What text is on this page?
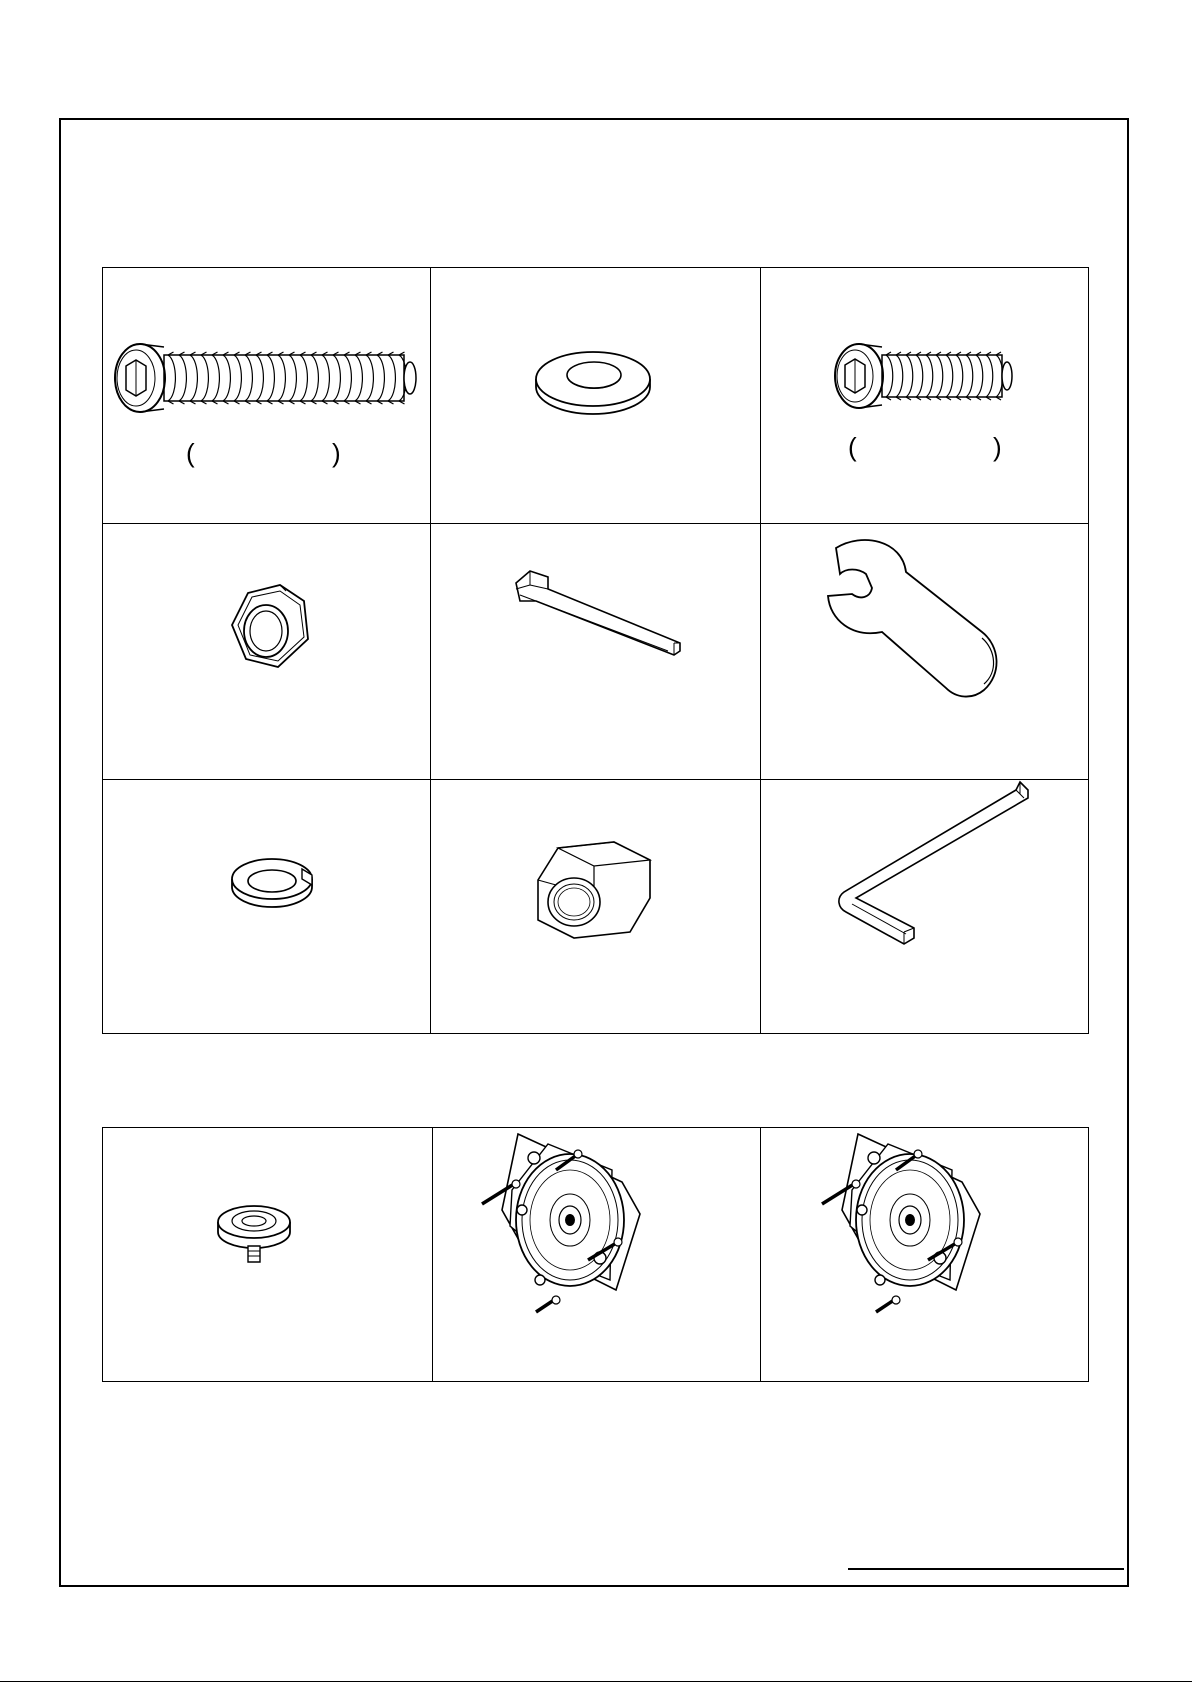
(	)	(	)
